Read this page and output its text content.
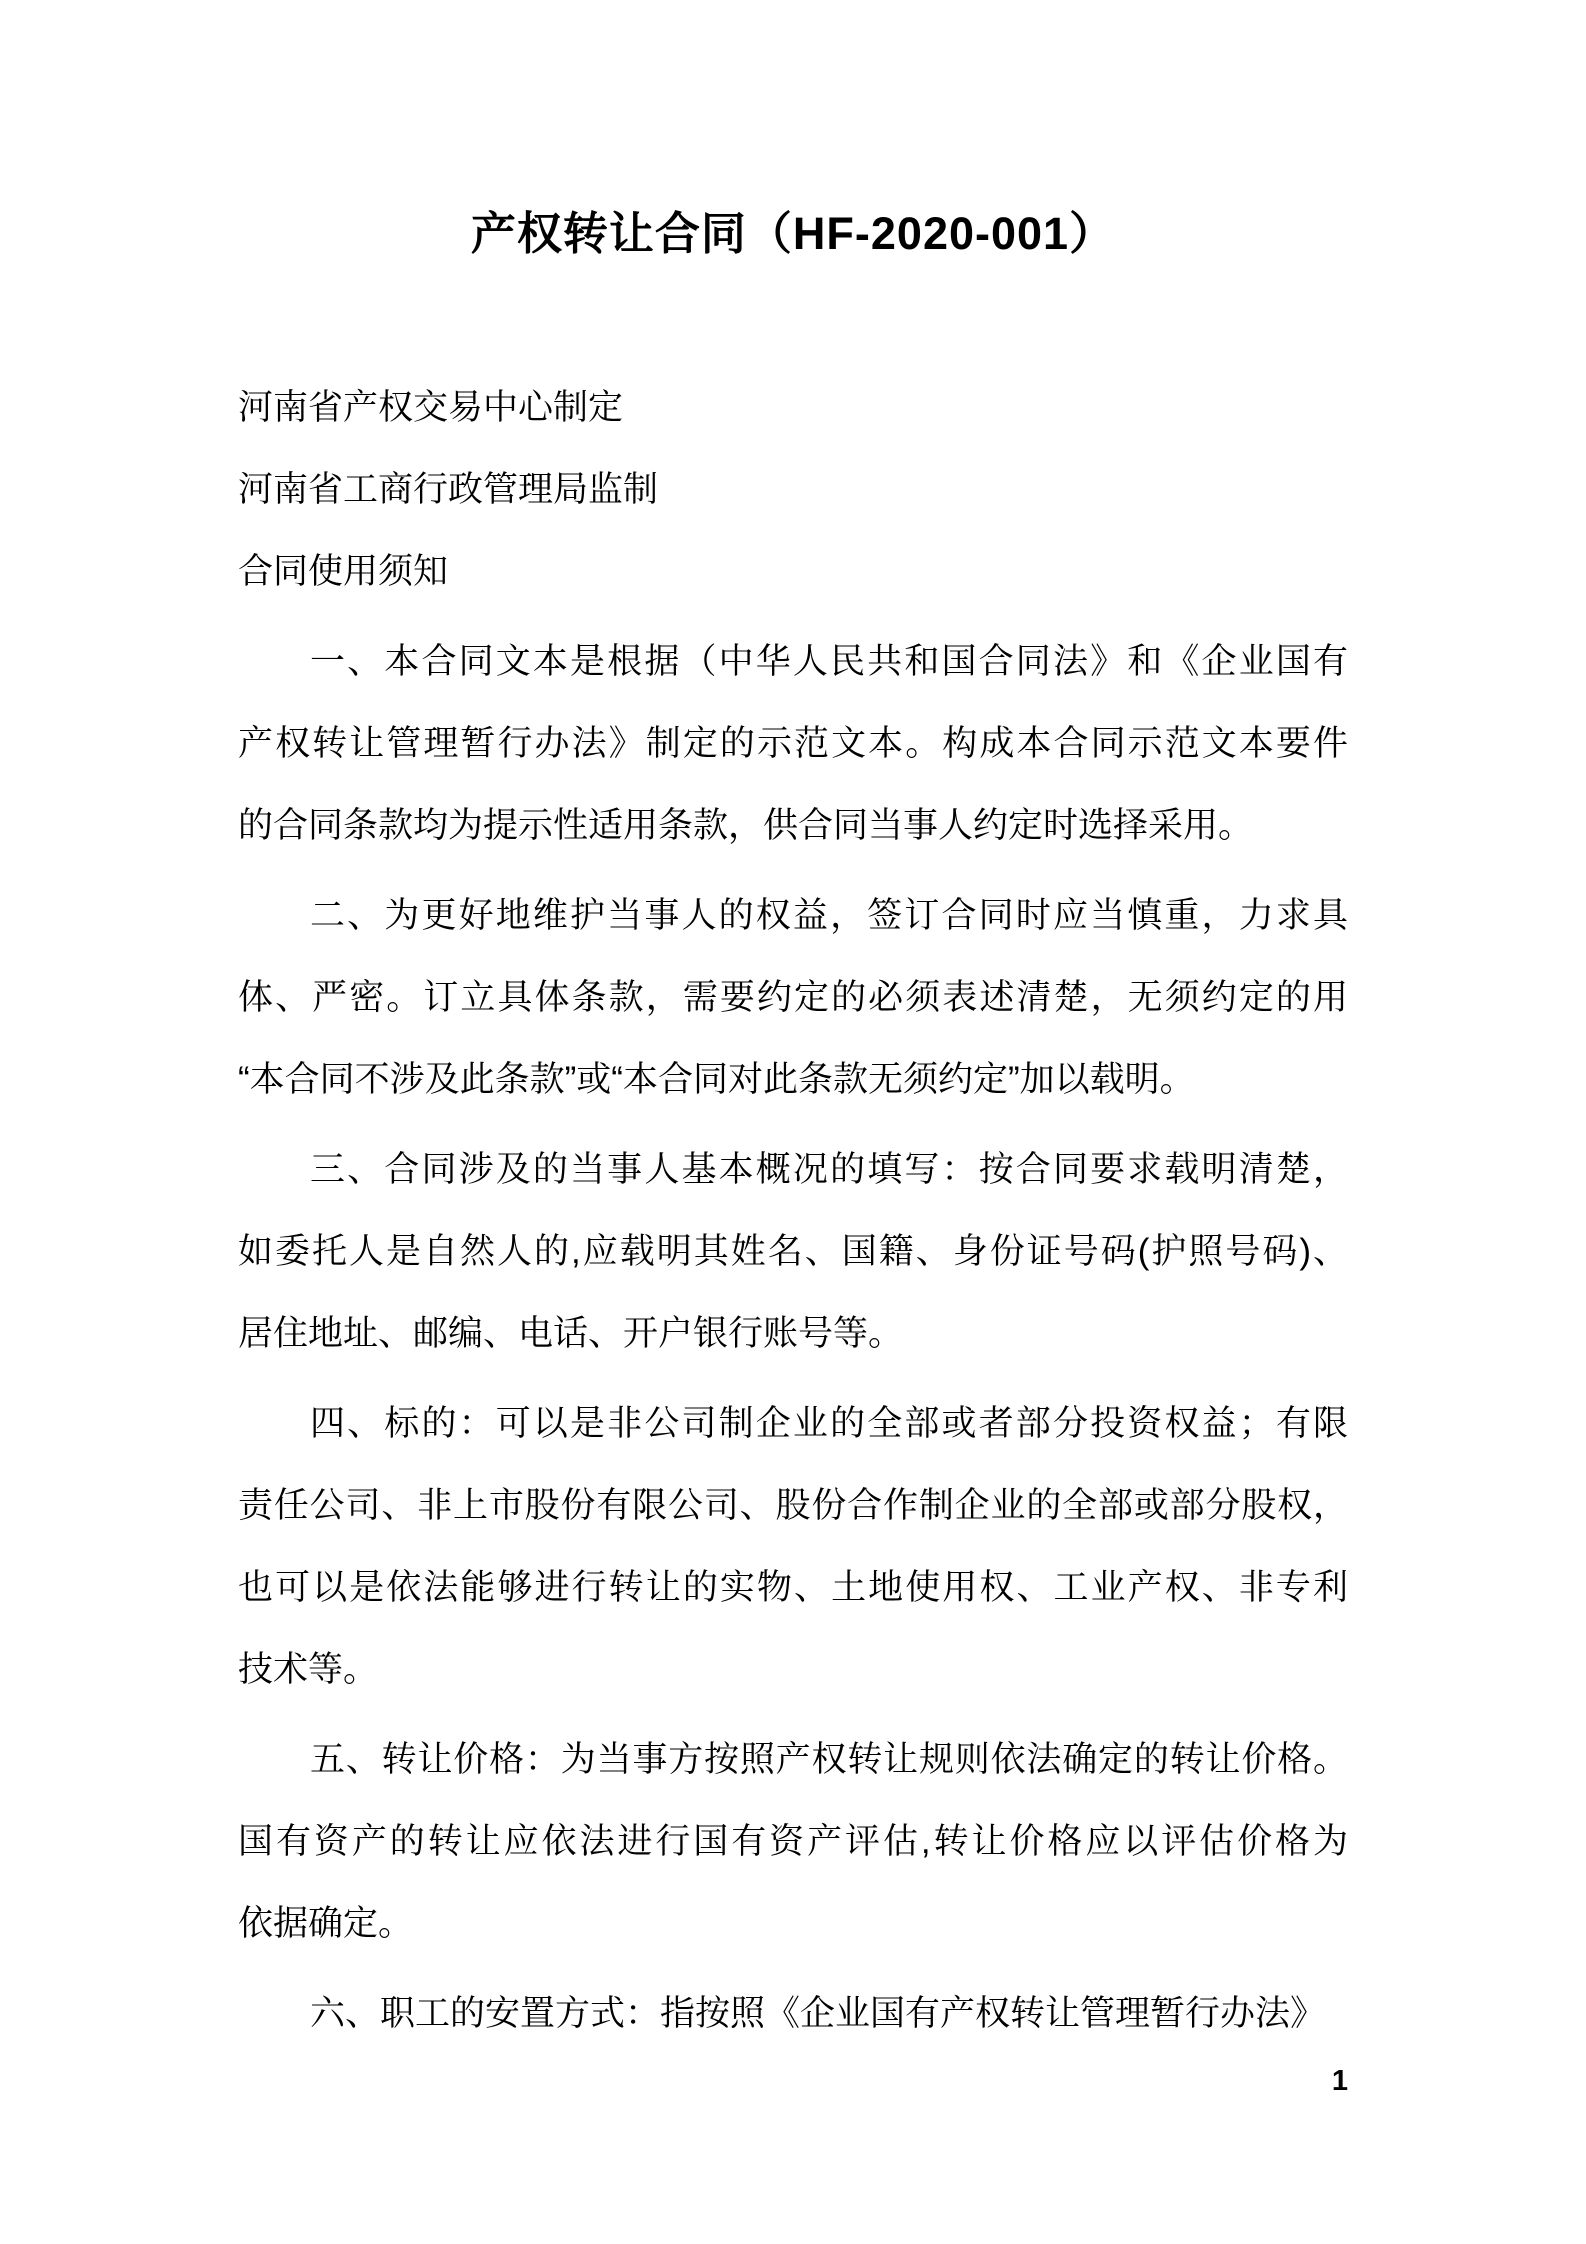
产权转让合同（HF-2020-001）
河南省产权交易中心制定
河南省工商行政管理局监制
合同使用须知
一、本合同文本是根据（中华人民共和国合同法》和《企业国有
产权转让管理暂行办法》制定的示范文本。构成本合同示范文本要件
的合同条款均为提示性适用条款，供合同当事人约定时选择采用。
二、为更好地维护当事人的权益，签订合同时应当慎重，力求具
体、严密。订立具体条款，需要约定的必须表述清楚，无须约定的用
“本合同不涉及此条款”或“本合同对此条款无须约定”加以载明。
三、合同涉及的当事人基本概况的填写：按合同要求载明清楚，
如委托人是自然人的,应载明其姓名、国籍、身份证号码(护照号码)、
居住地址、邮编、电话、开户银行账号等。
四、标的：可以是非公司制企业的全部或者部分投资权益；有限
责任公司、非上市股份有限公司、股份合作制企业的全部或部分股权，
也可以是依法能够进行转让的实物、土地使用权、工业产权、非专利
技术等。
五、转让价格：为当事方按照产权转让规则依法确定的转让价格。
国有资产的转让应依法进行国有资产评估,转让价格应以评估价格为
依据确定。
六、职工的安置方式：指按照《企业国有产权转让管理暂行办法》
1
